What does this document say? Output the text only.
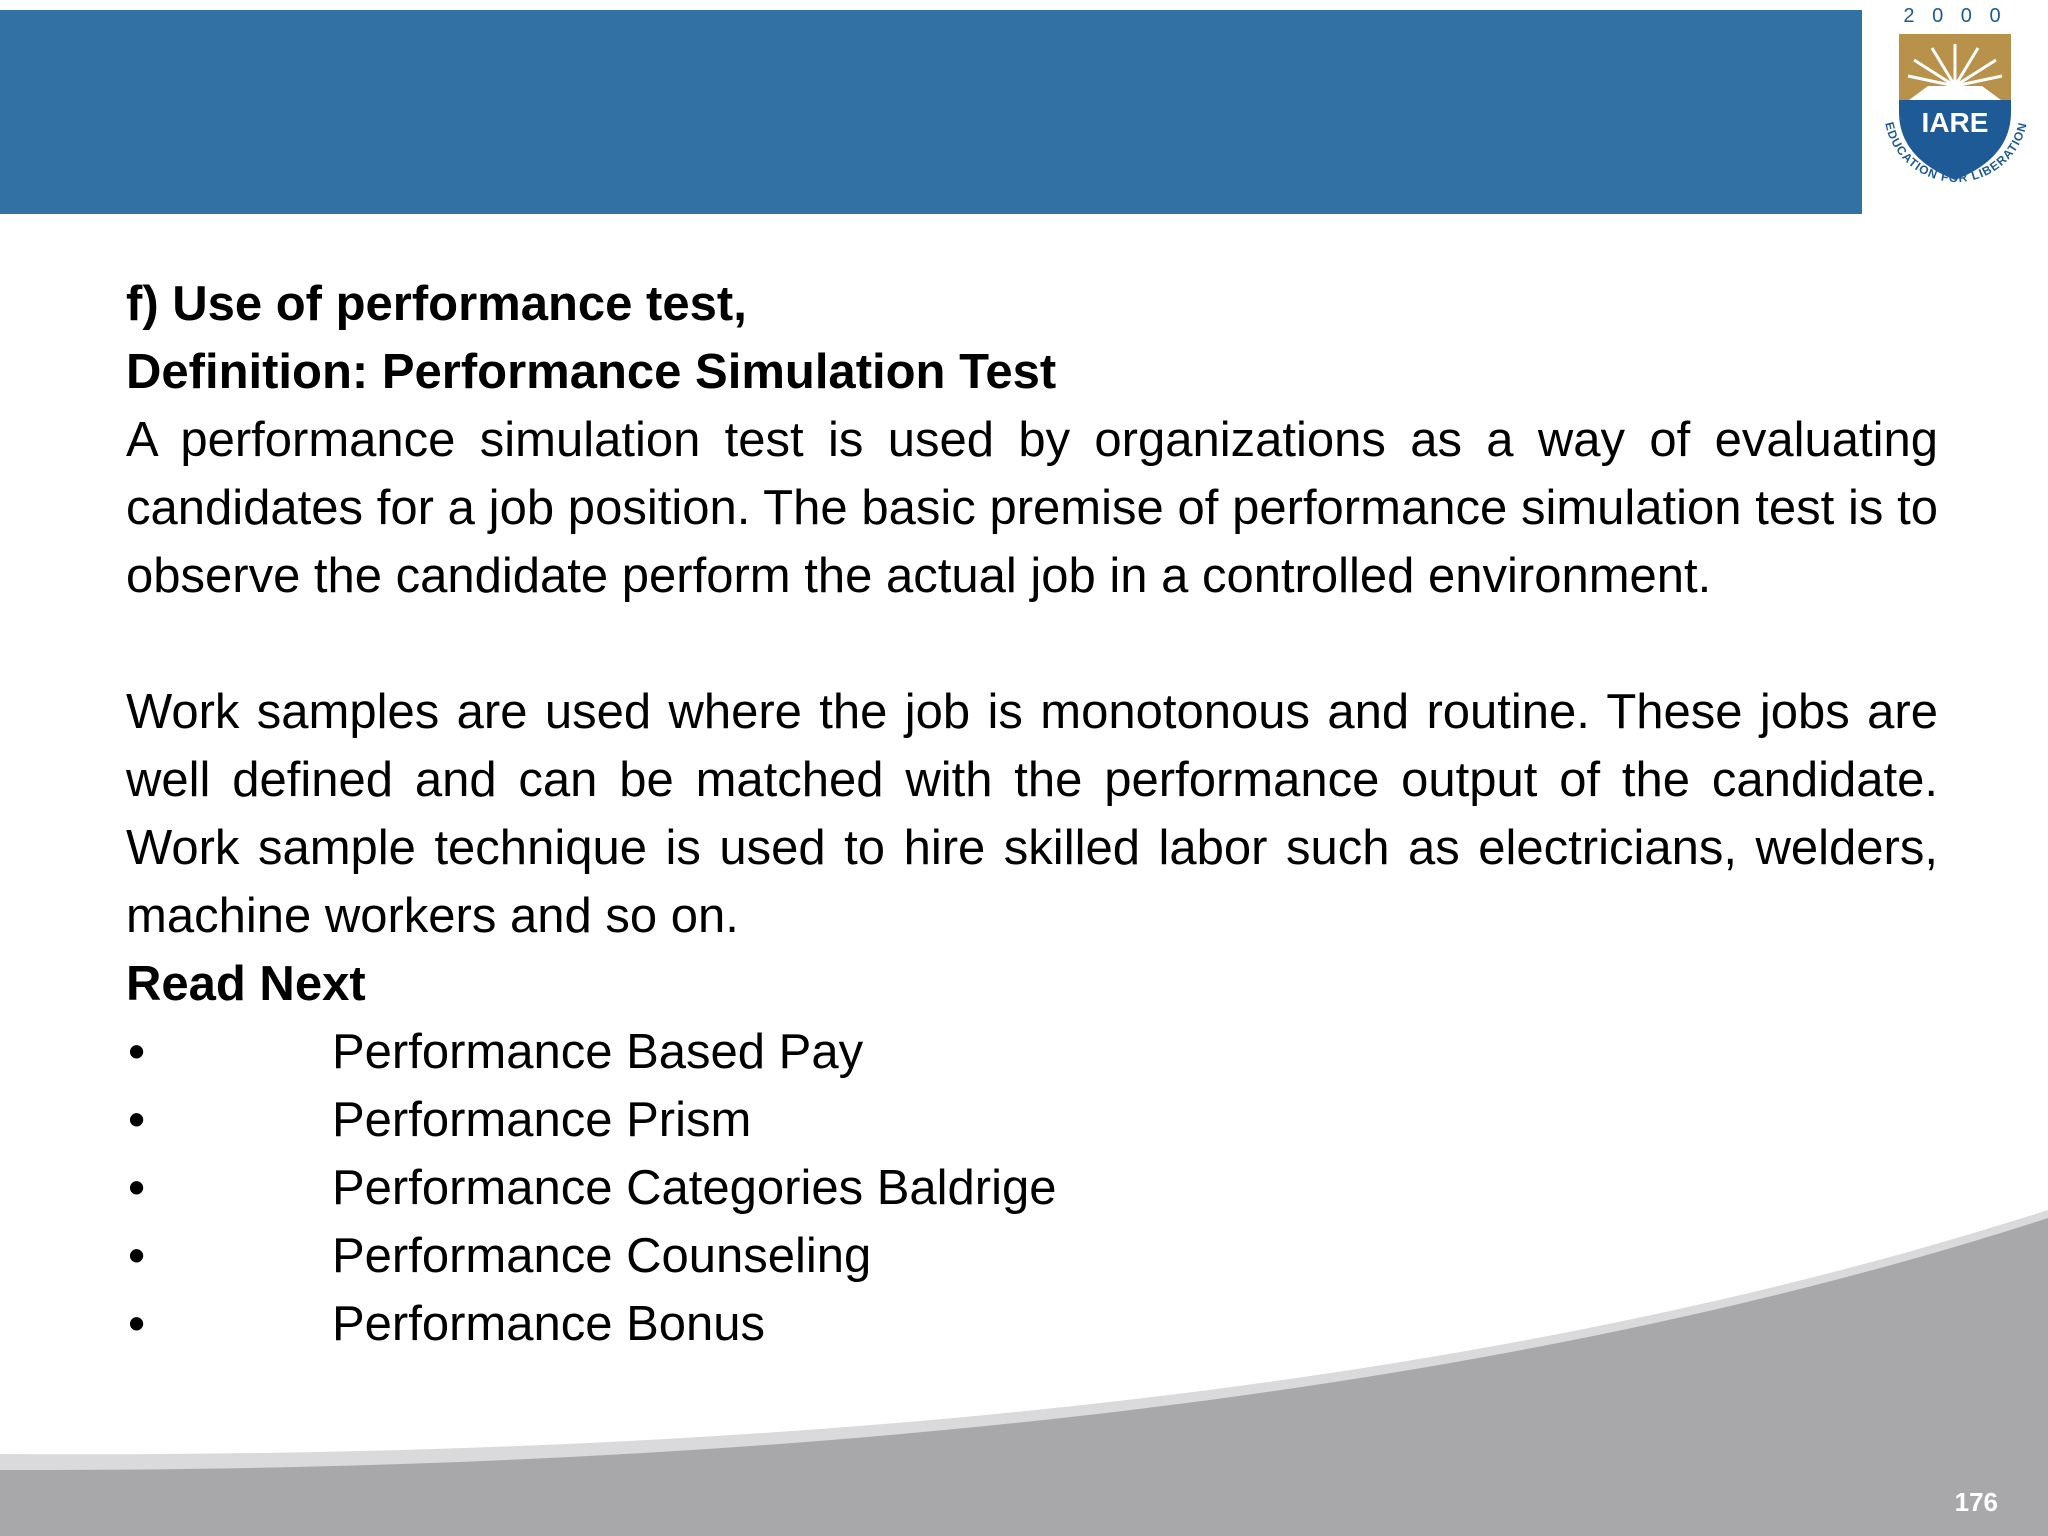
2 0 0 0
IARE
EDUCATION FOR LIBERATION

f) Use of performance test,

Definition: Performance Simulation Test

A performance simulation test is used by organizations as a way of evaluating candidates for a job position. The basic premise of performance simulation test is to observe the candidate perform the actual job in a controlled environment.

Work samples are used where the job is monotonous and routine. These jobs are well defined and can be matched with the performance output of the candidate. Work sample technique is used to hire skilled labor such as electricians, welders, machine workers and so on.

Read Next

•	Performance Based Pay
•	Performance Prism
•	Performance Categories Baldrige
•	Performance Counseling
•	Performance Bonus
176
